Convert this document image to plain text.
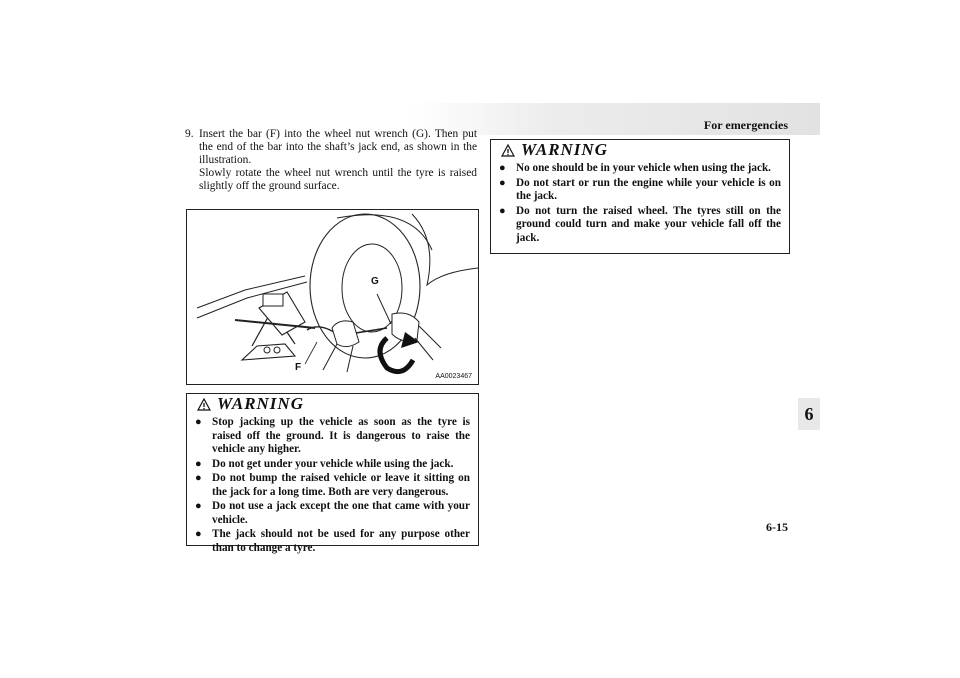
For emergencies
9. Insert the bar (F) into the wheel nut wrench (G). Then put the end of the bar into the shaft’s jack end, as shown in the illustration.

Slowly rotate the wheel nut wrench until the tyre is raised slightly off the ground surface.

G
F
AA0023467
WARNING
● Stop jacking up the vehicle as soon as the tyre is raised off the ground. It is dangerous to raise the vehicle any higher.
● Do not get under your vehicle while using the jack.
● Do not bump the raised vehicle or leave it sitting on the jack for a long time. Both are very dangerous.
● Do not use a jack except the one that came with your vehicle.
● The jack should not be used for any purpose other than to change a tyre.
WARNING
● No one should be in your vehicle when using the jack.
● Do not start or run the engine while your vehicle is on the jack.
● Do not turn the raised wheel. The tyres still on the ground could turn and make your vehicle fall off the jack.
6
6-15
